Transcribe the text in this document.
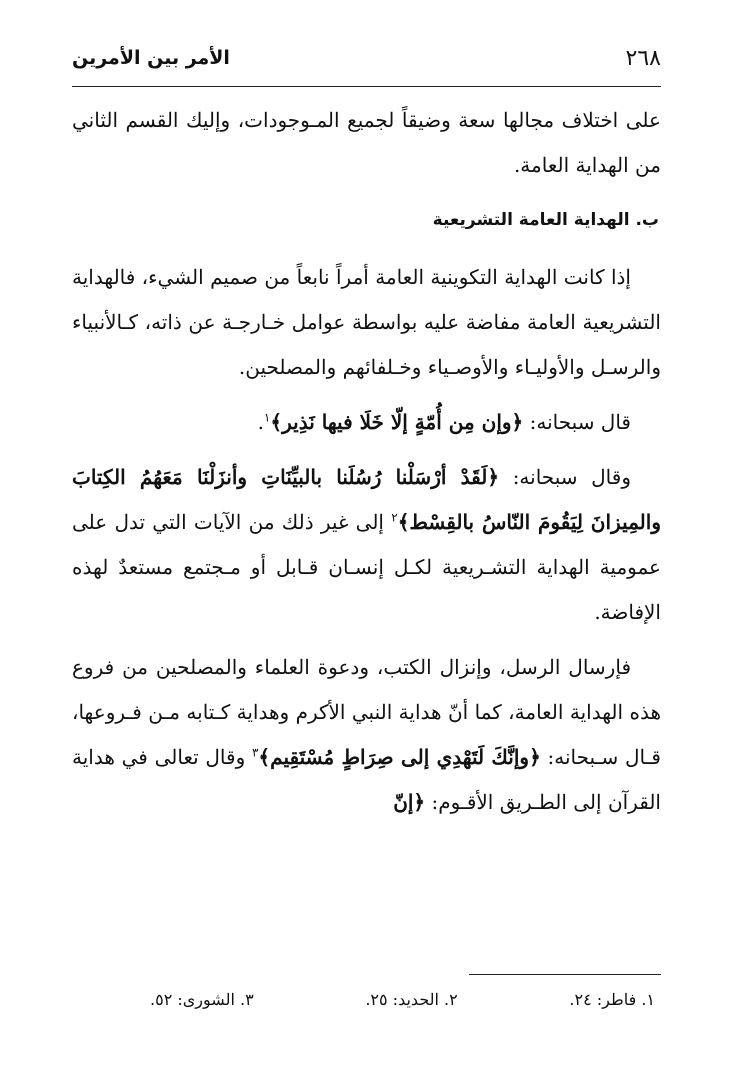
٢٦٨
الأمر بين الأمرين

على اختلاف مجالها سعة وضيقاً لجميع المـوجودات، وإليك القسم الثاني من الهداية العامة.

ب. الهداية العامة التشريعية

إذا كانت الهداية التكوينية العامة أمراً نابعاً من صميم الشيء، فالهداية التشريعية العامة مفاضة عليه بواسطة عوامل خـارجـة عن ذاته، كـالأنبياء والرسـل والأوليـاء والأوصـياء وخـلفائهم والمصلحين.

قال سبحانه: ﴿وإن مِن أُمّةٍ إلّا خَلَا فيها نَذِير﴾$^١$.

وقال سبحانه: ﴿لَقَدْ أرْسَلْنا رُسُلَنا بالبيِّنَاتِ وأنزَلْنَا مَعَهُمُ الكِتابَ والمِيزانَ لِيَقُومَ النّاسُ بالقِسْط﴾$^٢$ إلى غير ذلك من الآيات التي تدل على عمومية الهداية التشـريعية لكـل إنسـان قـابل أو مـجتمع مستعدٌ لهذه الإفاضة.

فإرسال الرسل، وإنزال الكتب، ودعوة العلماء والمصلحين من فروع هذه الهداية العامة، كما أنّ هداية النبي الأكرم وهداية كـتابه مـن فـروعها، قـال سـبحانه: ﴿وإنَّكَ لَتَهْدِي إلى صِرَاطٍ مُسْتَقِيم﴾$^٣$ وقال تعالى في هداية القرآن إلى الطـريق الأقـوم: ﴿إنّ

١. فاطر: ٢٤.
٢. الحديد: ٢٥.
٣. الشورى: ٥٢.
